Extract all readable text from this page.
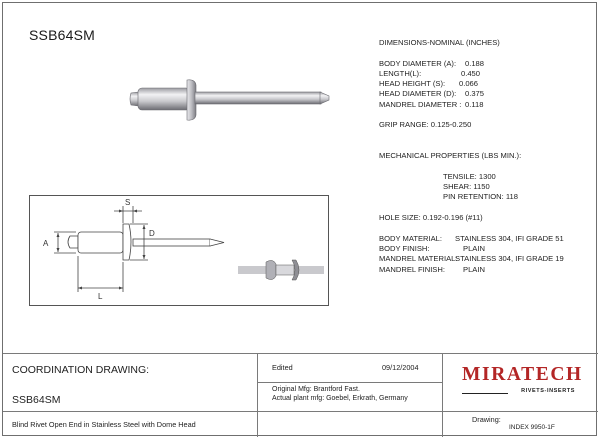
SSB64SM	DIMENSIONS-NOMINAL (INCHES)
BODY DIAMETER (A): 0.188
LENGTH(L):	0.450
HEAD HEIGHT (S): 0.066
HEAD DIAMETER (D): 0.375
MANDREL DIAMETER : 0.118
GRIP RANGE: 0.125-0.250
MECHANICAL PROPERTIES (LBS MIN.):
TENSILE: 1300
SHEAR: 1150
PIN RETENTION: 118
HOLE SIZE: 0.192-0.196 (#11)
BODY MATERIAL: STAINLESS 304, IFI GRADE 51
BODY FINISH:	PLAIN
MANDREL MATERIAL:
STAINLESS 304, IFI GRADE 19
MANDREL FINISH: PLAIN
S
D
A
L
COORDINATION DRAWING:
SSB64SM
Blind Rivet Open End in Stainless Steel with Dome Head
Edited	09/12/2004
Original Mfg: Brantford Fast.
Actual plant mfg: Goebel, Erkrath, Germany
MIRATECH
RIVETS-INSERTS
Drawing:
INDEX 9950-1F
